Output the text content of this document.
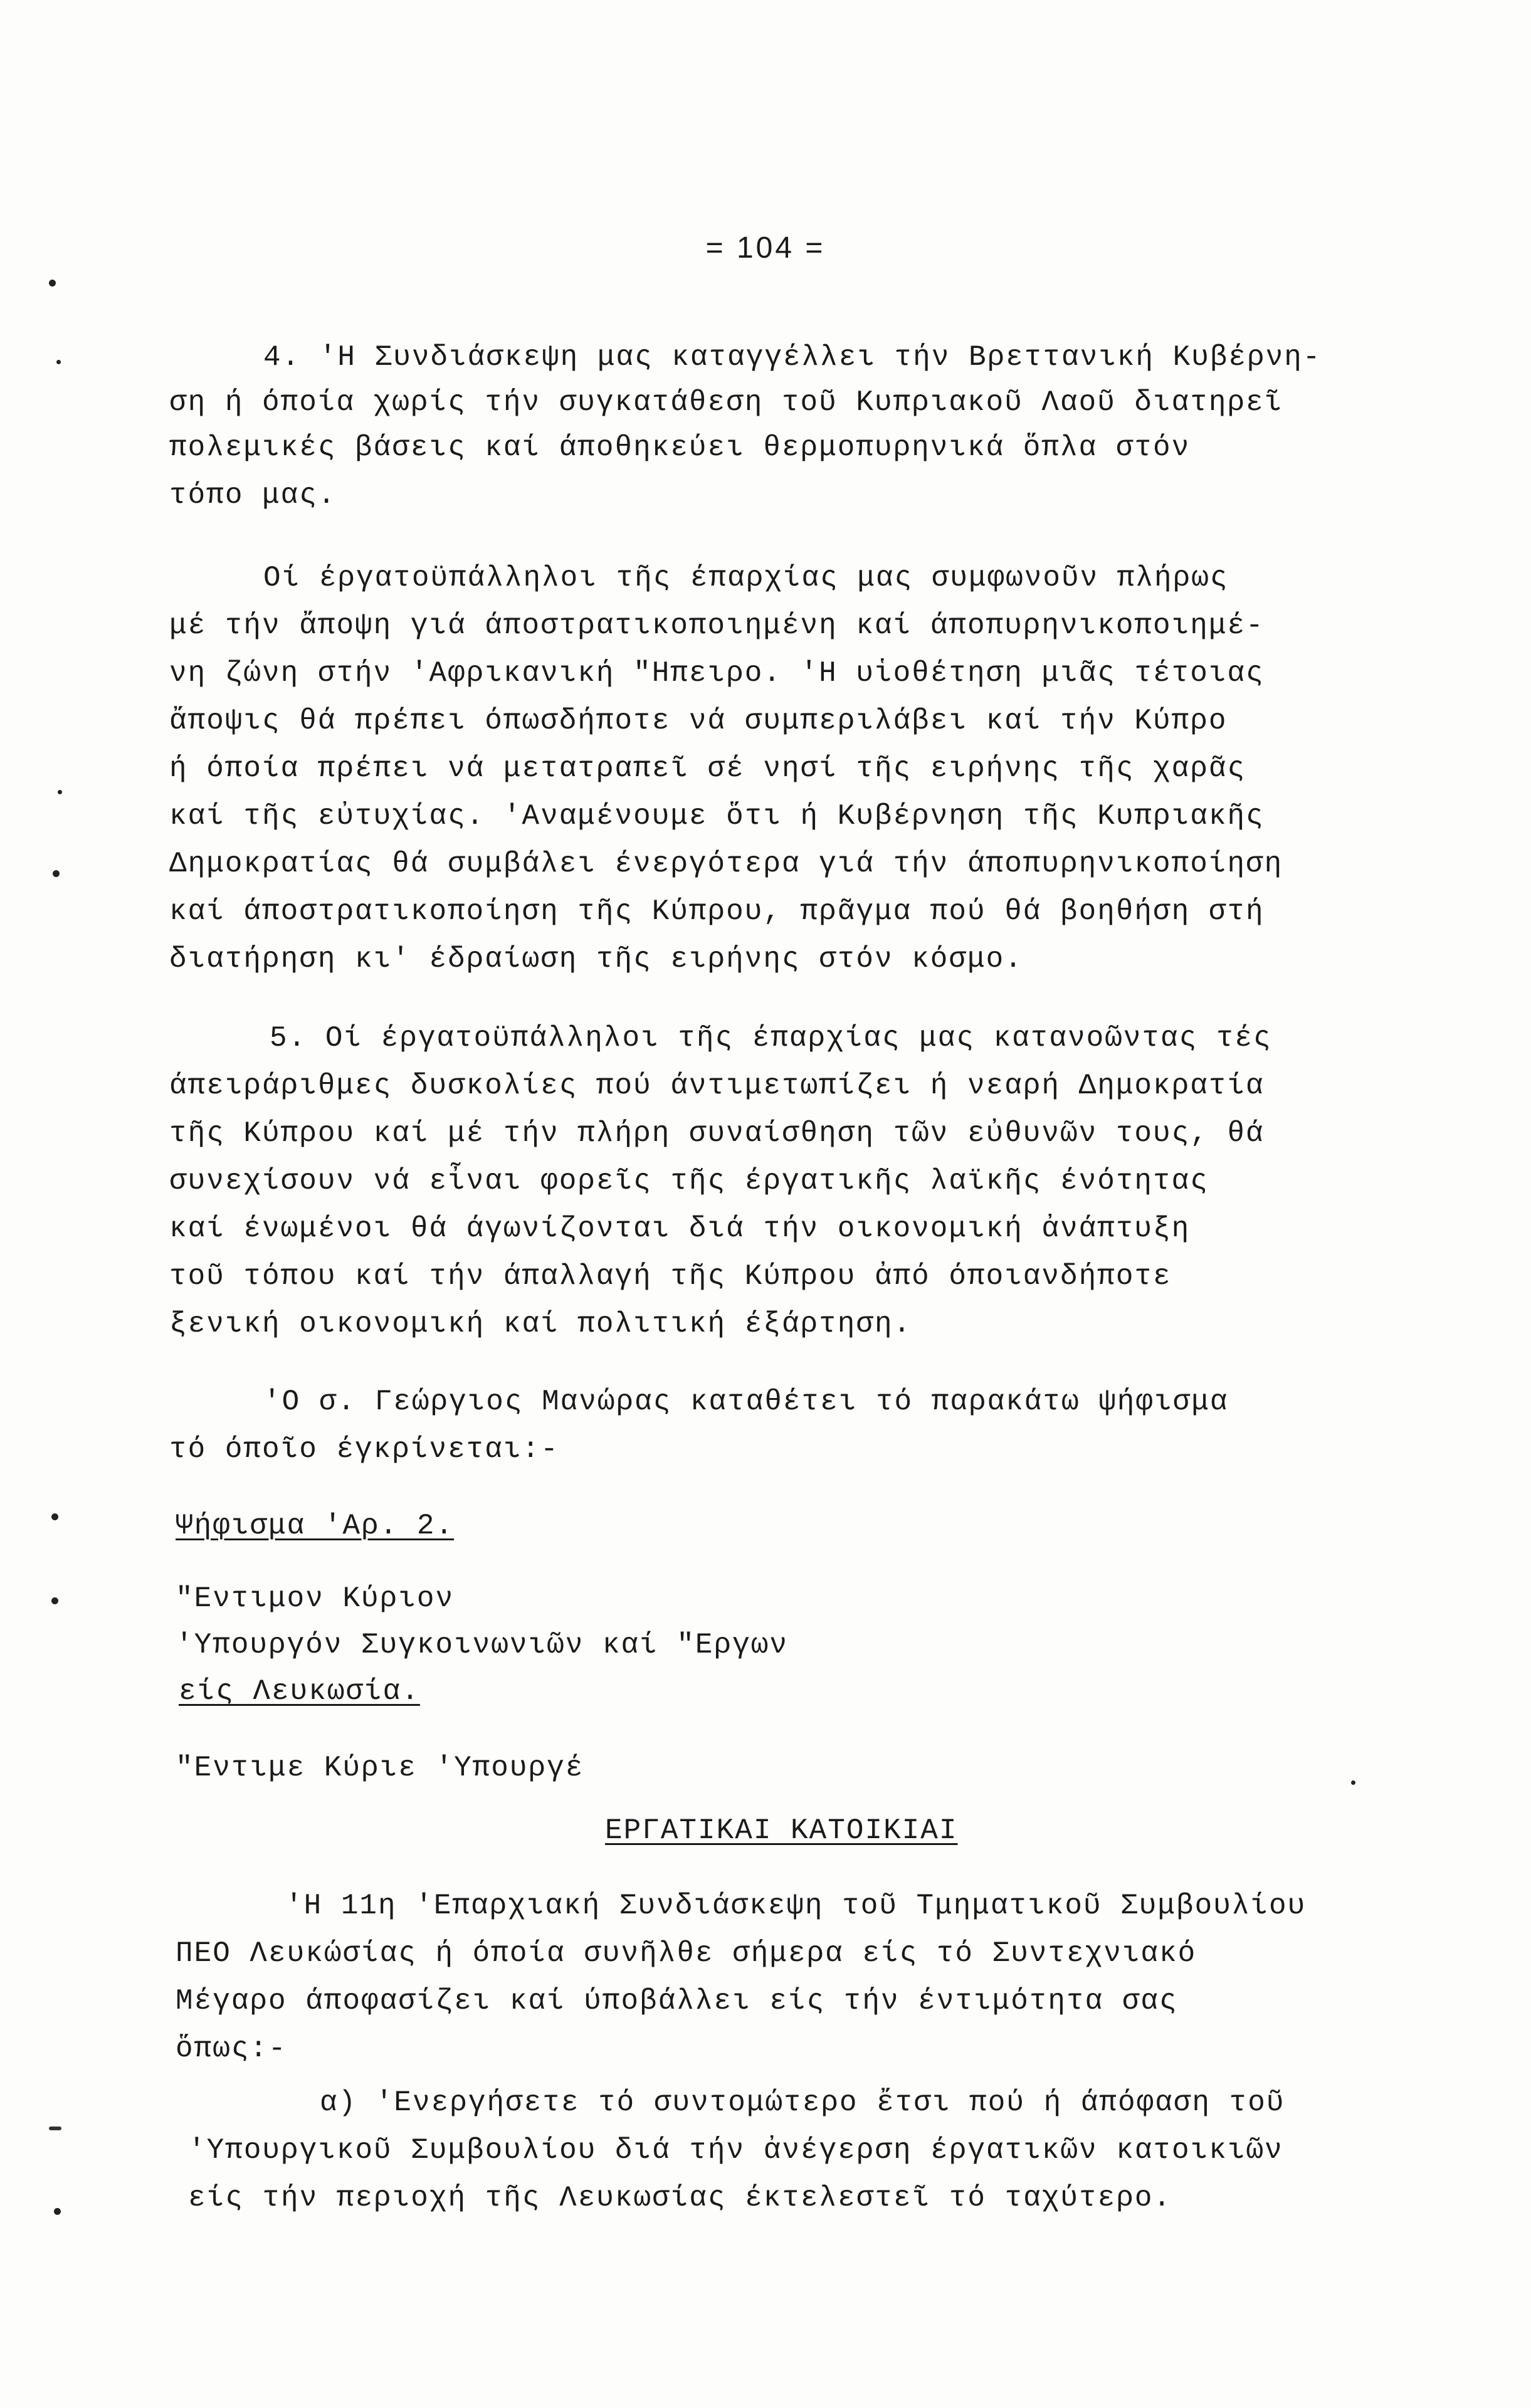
= 104 =
4. 'Η Συνδιάσκεψη μας καταγγέλλει τήν Βρεττανική Κυβέρνη-
ση ή όποία χωρίς τήν συγκατάθεση τοῦ Κυπριακοῦ Λαοῦ διατηρεῖ
πολεμικές βάσεις καί άποθηκεύει θερμοπυρηνικά ὅπλα στόν
τόπο μας.
Οί έργατοϋπάλληλοι τῆς έπαρχίας μας συμφωνοῦν πλήρως
μέ τήν ἄποψη γιά άποστρατικοποιημένη καί άποπυρηνικοποιημέ-
νη ζώνη στήν 'Αφρικανική "Ηπειρο. 'Η υἱοθέτηση μιᾶς τέτοιας
ἄποψις θά πρέπει όπωσδήποτε νά συμπεριλάβει καί τήν Κύπρο
ή όποία πρέπει νά μετατραπεῖ σέ νησί τῆς ειρήνης τῆς χαρᾶς
καί τῆς εὐτυχίας. 'Αναμένουμε ὅτι ή Κυβέρνηση τῆς Κυπριακῆς
Δημοκρατίας θά συμβάλει ένεργότερα γιά τήν άποπυρηνικοποίηση
καί άποστρατικοποίηση τῆς Κύπρου, πρᾶγμα πού θά βοηθήση στή
διατήρηση κι' έδραίωση τῆς ειρήνης στόν κόσμο.
5. Οί έργατοϋπάλληλοι τῆς έπαρχίας μας κατανοῶντας τές
άπειράριθμες δυσκολίες πού άντιμετωπίζει ή νεαρή Δημοκρατία
τῆς Κύπρου καί μέ τήν πλήρη συναίσθηση τῶν εὐθυνῶν τους, θά
συνεχίσουν νά εἶναι φορεῖς τῆς έργατικῆς λαϊκῆς ένότητας
καί ένωμένοι θά άγωνίζονται διά τήν οικονομική ἀνάπτυξη
τοῦ τόπου καί τήν άπαλλαγή τῆς Κύπρου ἀπό όποιανδήποτε
ξενική οικονομική καί πολιτική έξάρτηση.
'Ο σ. Γεώργιος Μανώρας καταθέτει τό παρακάτω ψήφισμα
τό όποῖο έγκρίνεται:-
Ψήφισμα 'Αρ. 2.
"Εντιμον Κύριον
'Υπουργόν Συγκοινωνιῶν καί "Εργων
είς Λευκωσία.
"Εντιμε Κύριε 'Υπουργέ
ΕΡΓΑΤΙΚΑΙ ΚΑΤΟΙΚΙΑΙ
'Η 11η 'Επαρχιακή Συνδιάσκεψη τοῦ Τμηματικοῦ Συμβουλίου
ΠΕΟ Λευκώσίας ή όποία συνῆλθε σήμερα είς τό Συντεχνιακό
Μέγαρο άποφασίζει καί ύποβάλλει είς τήν έντιμότητα σας
ὅπως:-
α) 'Ενεργήσετε τό συντομώτερο ἔτσι πού ή άπόφαση τοῦ
'Υπουργικοῦ Συμβουλίου διά τήν ἀνέγερση έργατικῶν κατοικιῶν
είς τήν περιοχή τῆς Λευκωσίας έκτελεστεῖ τό ταχύτερο.
